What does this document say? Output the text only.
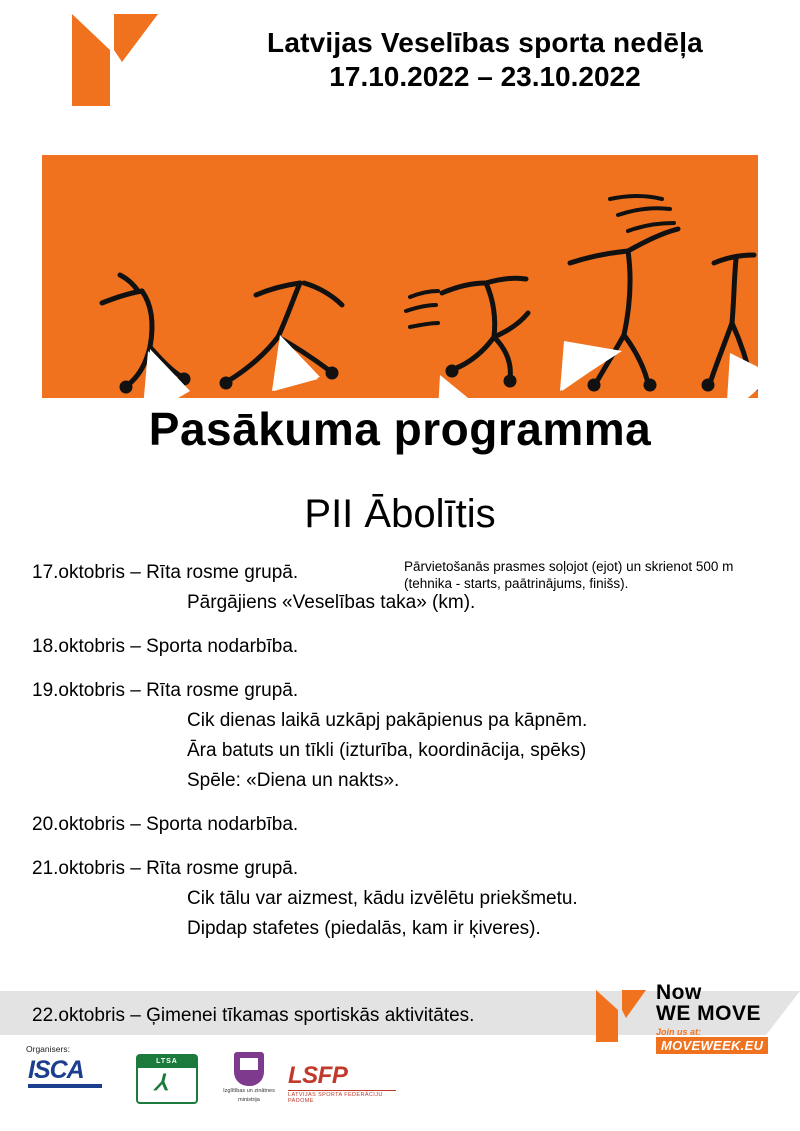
Latvijas Veselības sporta nedēļa
17.10.2022 – 23.10.2022
Pasākuma programma
PII Ābolītis
Pārvietošanās prasmes soļojot (ejot) un skrienot 500 m
(tehnika - starts, paātrinājums, finišs).
17.oktobris – Rīta rosme grupā.
Pārgājiens «Veselības taka» (km).
18.oktobris – Sporta nodarbība.
19.oktobris – Rīta rosme grupā.
Cik dienas laikā uzkāpj pakāpienus pa kāpnēm.
Āra batuts un tīkli (izturība, koordinācija, spēks)
Spēle: «Diena un nakts».
20.oktobris – Sporta nodarbība.
21.oktobris – Rīta rosme grupā.
Cik tālu var aizmest, kādu izvēlētu priekšmetu.
Dipdap stafetes (piedalās, kam ir ķiveres).
22.oktobris – Ģimenei tīkamas sportiskās aktivitātes.
Now
WE MOVE
Join us at:
MOVEWEEK.EU
Organisers:
ISCA	LTSA
⅄	Izglītības un zinātnes
ministrija
LSFP
LATVIJAS SPORTA FEDERĀCIJU PADOME
